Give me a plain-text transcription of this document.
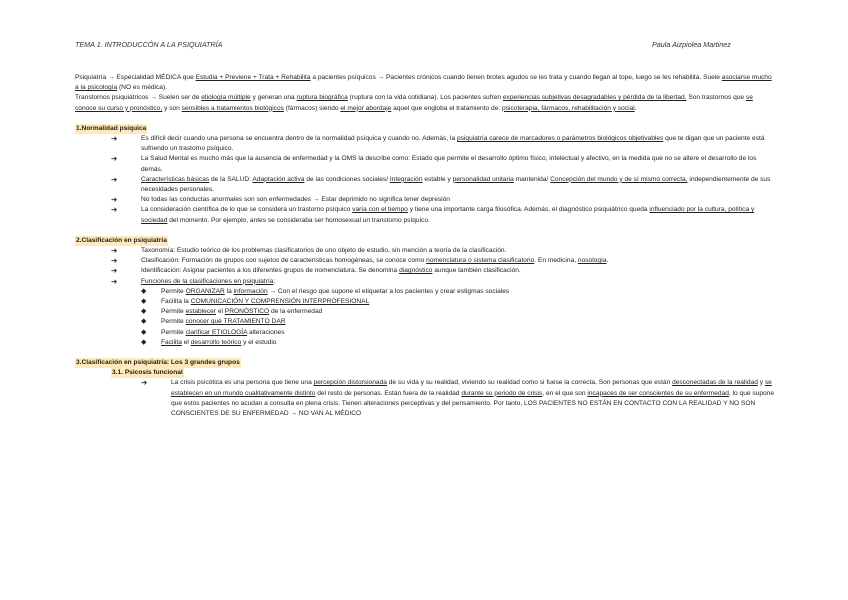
TEMA 1. INTRODUCCÓN A LA PSIQUIATRÍA	Paula Aizpiolea Martinez

Psiquiatría → Especialidad MÉDICA que Estudia + Previene + Trata + Rehabilita a pacientes psíquicos → Pacientes crónicos cuando tienen brotes agudos se les trata y cuando llegan al tope, luego se les rehabilita. Suele asociarse mucho a la psicología (NO es médica).

Transtornos psiquiátricos → Suelen ser de etiología múltiple y generan una ruptura biográfica (ruptura con la vida cotidiana). Los pacientes sufren experiencias subjetivas desagradables y pérdida de la libertad. Son trastornos que se conoce su curso y pronóstico, y son sensibles a tratamientos biológicos (fármacos) siendo el mejor abordaje aquel que engloba el tratamiento de: psicoterapia, fármacos, rehabilitación y social.

1.Normalidad psíquica

➔	Es difícil decir cuando una persona se encuentra dentro de la normalidad psíquica y cuando no. Además, la psiquiatría carece de marcadores o parámetros biológicos objetivables que te digan que un paciente está sufriendo un trastorno psíquico.
➔	La Salud Mental es mucho más que la ausencia de enfermedad y la OMS la describe como: Estado que permite el desarrollo óptimo físico, intelectual y afectivo, en la medida que no se altere el desarrollo de los demás.
➔	Características básicas de la SALUD: Adaptación activa de las condiciones sociales/ Integración estable y personalidad unitaria mantenida/ Concepción del mundo y de sí mismo correcta, independientemente de sus necesidades personales.
➔	No todas las conductas anormales son son enfermedades → Estar deprimido no significa tener depresión
➔	La consideración científica de lo que se considera un trastorno psíquico varía con el tiempo y tiene una importante carga filosófica. Además, el diagnóstico psiquiátrico queda influenciado por la cultura, política y sociedad del momento. Por ejemplo, antes se consideraba ser homosexual un transtorno psíquico.

2.Clasificación en psiquiatría

➔	Taxonomía: Estudio teórico de los problemas clasificatorios de uno objeto de estudio, sin mención a teoría de la clasificación.
➔	Clasificación: Formación de grupos con sujetos de características homogéneas, se conoce como nomenclatura o sistema clasificatorio. En medicina, nosología.
➔	Identificación: Asignar pacientes a los diferentes grupos de nomenclatura. Se denomina diagnóstico aunque también clasificación.
➔	Funciones de la clasificaciones en psiquiatría:
◆ Permite ORGANIZAR la información → Con el riesgo que supone el etiquetar a los pacientes y crear estigmas sociales
◆ Facilita la COMUNICACIÓN Y COMPRENSIÓN INTERPROFESIONAL
◆ Permite establecer el PRONÓSTICO de la enfermedad
◆ Permite conocer qué TRATAMIENTO DAR
◆ Permite clarificar ETIOLOGÍA alteraciones
◆ Facilita el desarrollo teórico y el estudio

3.Clasificación en psiquiatría: Los 3 grandes grupos

3.1. Psicosis funcional

➔	La crisis psicótica es una persona que tiene una percepción distorsionada de su vida y su realidad, viviendo su realidad como si fuese la correcta. Son personas que están desconectadas de la realidad y se establecen en un mundo cualitativamente distinto del resto de personas. Están fuera de la realidad durante su periodo de crisis, en el que son incapaces de ser conscientes de su enfermedad, lo que supone que estos pacientes no acudan a consulta en plena crisis. Tienen alteraciones perceptivas y del pensamiento. Por tanto, LOS PACIENTES NO ESTÁN EN CONTACTO CON LA REALIDAD Y NO SON CONSCIENTES DE SU ENFERMEDAD → NO VAN AL MÉDICO
